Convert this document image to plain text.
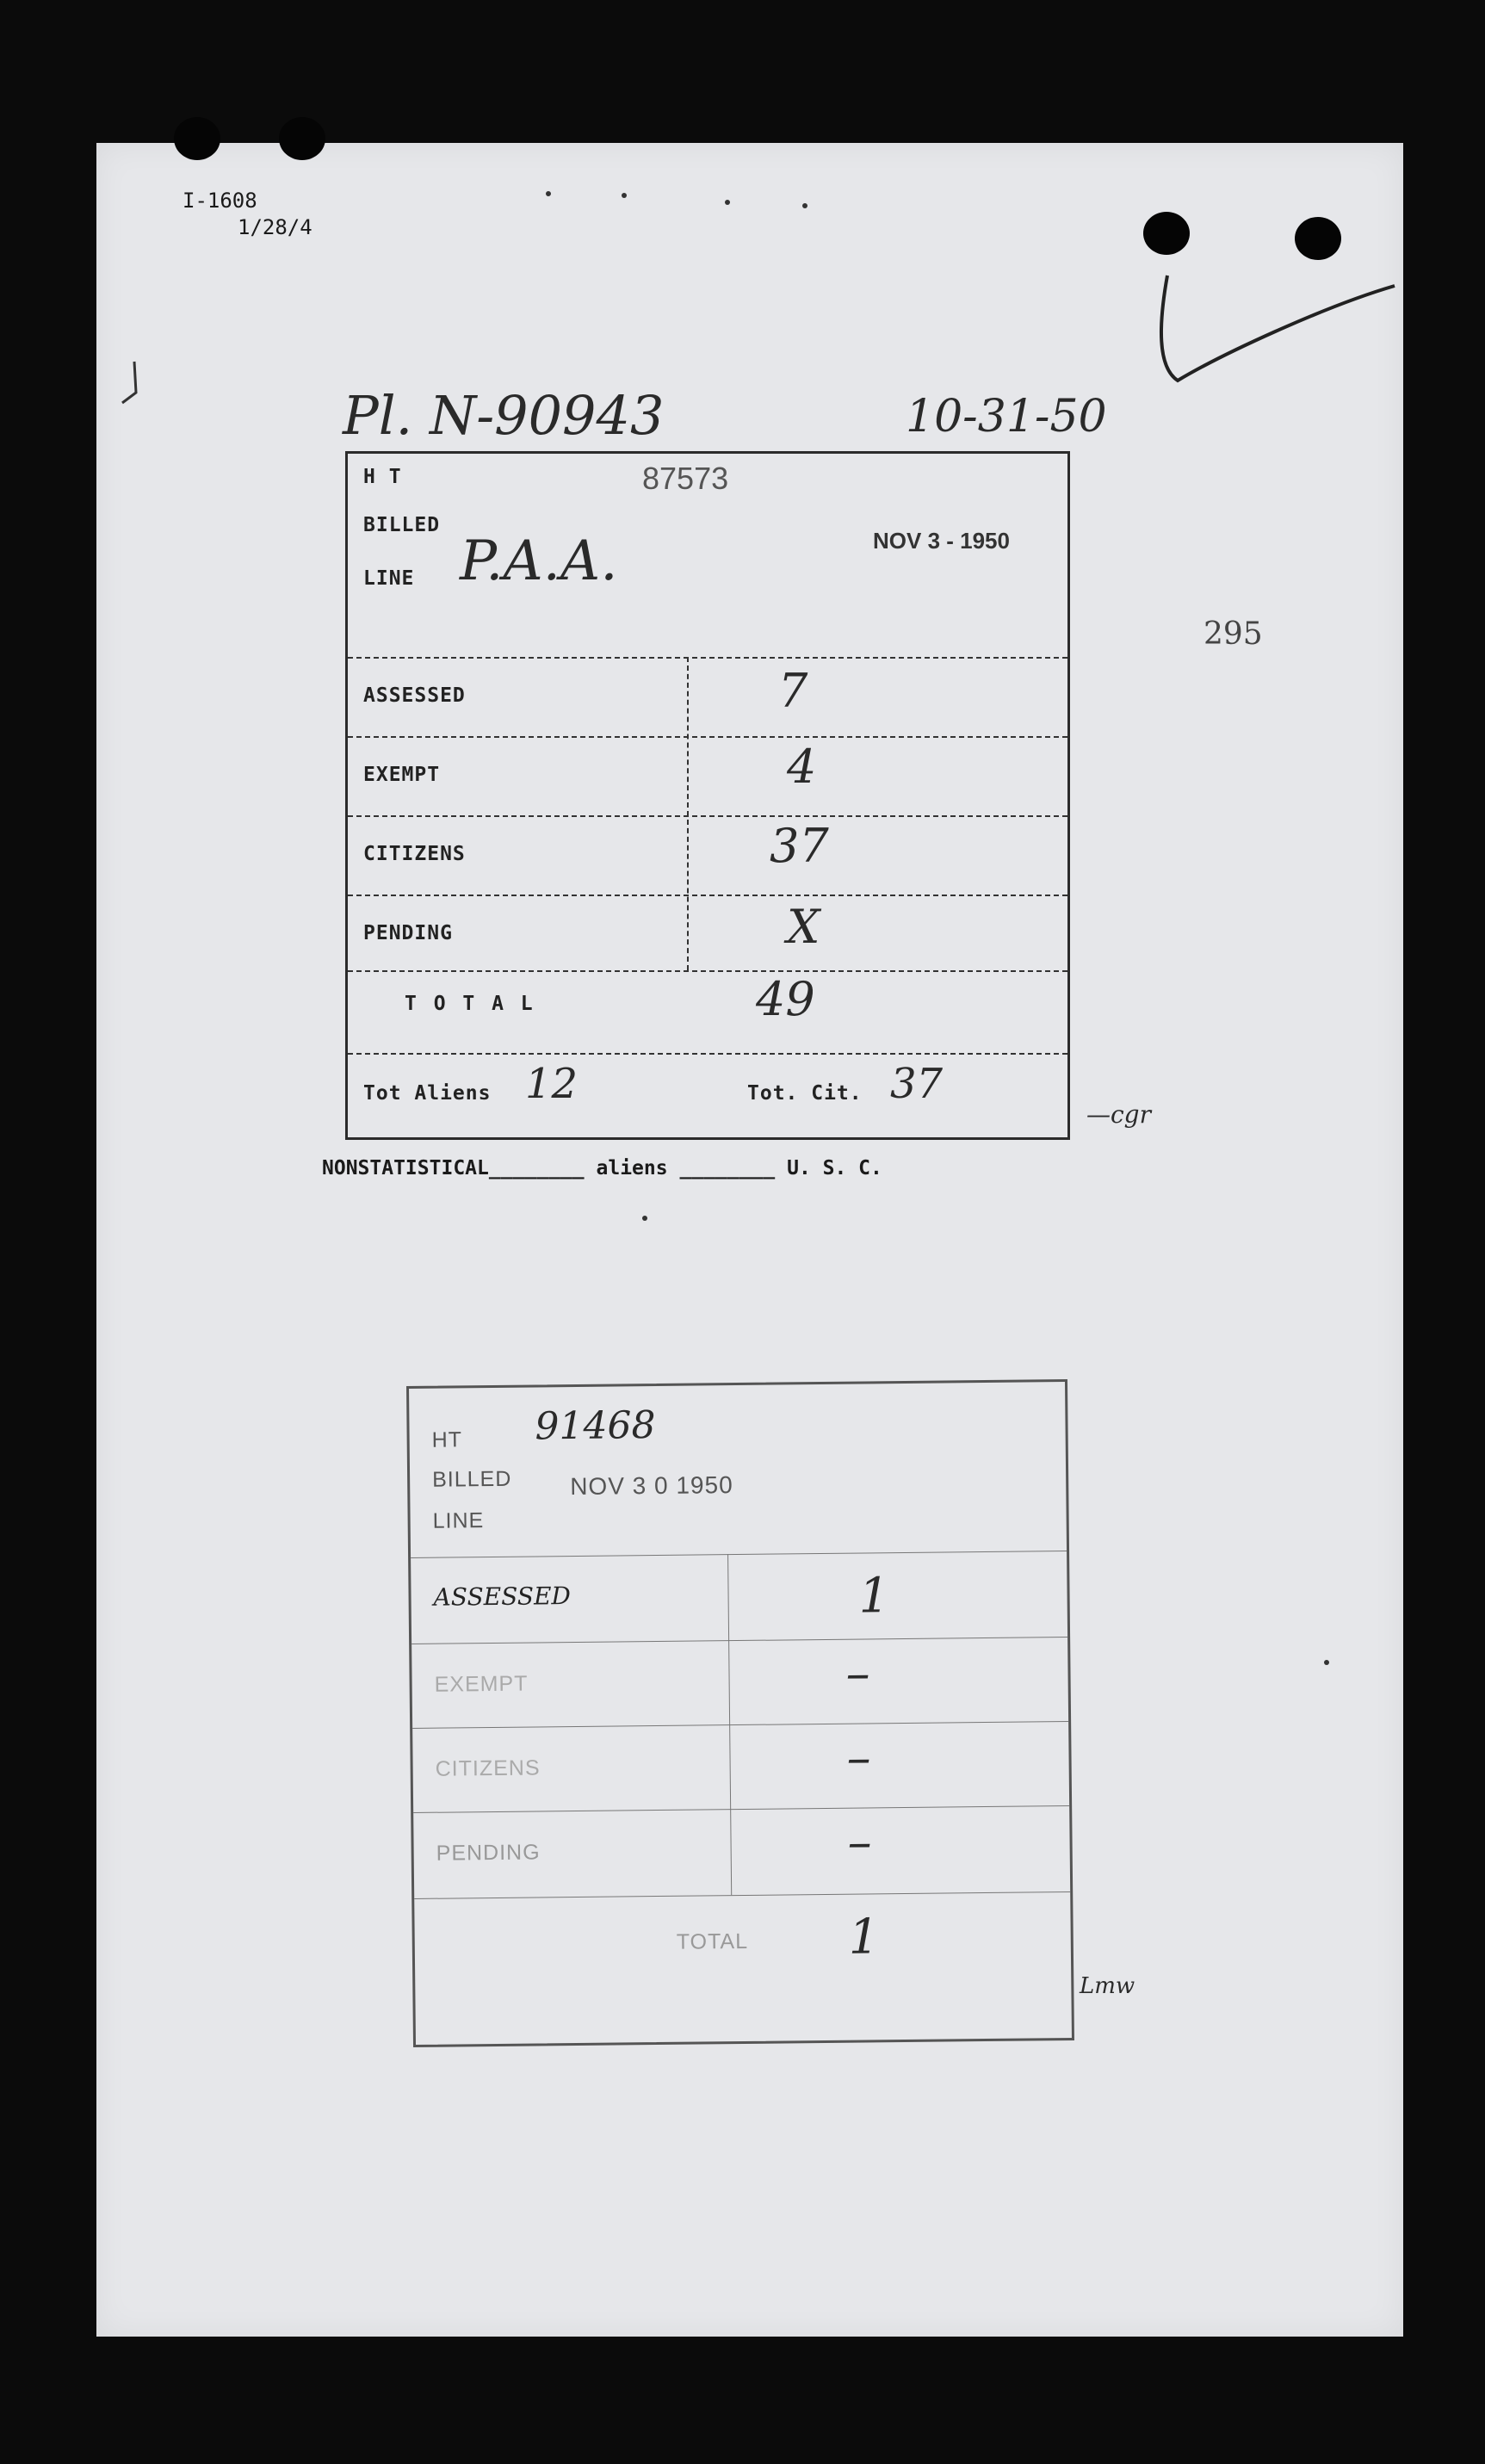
I-1608
1/28/4
295
Pl. N-90943	10-31-50
H T	87573
BILLED
LINE P.A.A.	NOV 3 - 1950
ASSESSED	7
EXEMPT	4
CITIZENS	37
PENDING	X
T O T A L	49
Tot Aliens 12	Tot. Cit. 37
—cgr
NONSTATISTICAL________ aliens ________ U. S. C.
HT 91468
BILLED
LINE
NOV 3 0 1950
ASSESSED	1
EXEMPT	–
CITIZENS	–
PENDING	–
TOTAL 1
Lmw
